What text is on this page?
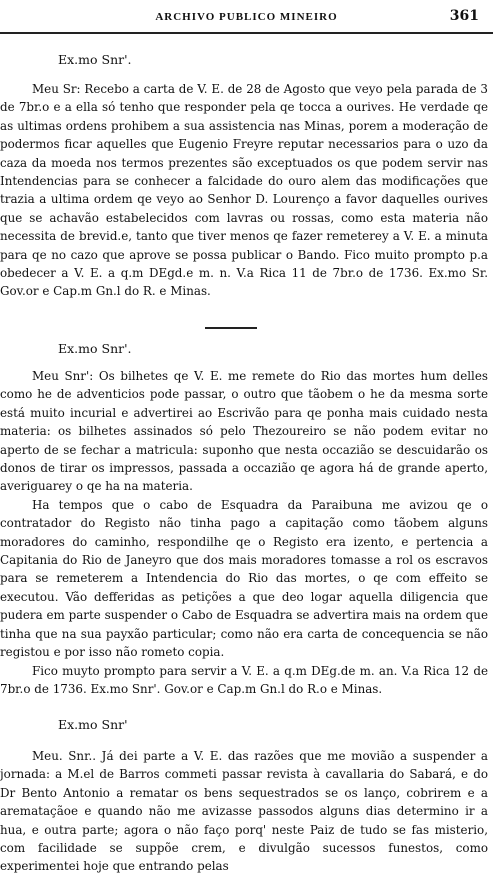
ARCHIVO PUBLICO MINEIRO	361
Ex.mo Snr'.

Meu Sr: Recebo a carta de V. E. de 28 de Agosto que veyo pela parada de 3 de 7br.o e a ella só tenho que responder pela qe tocca a ourives. He verdade qe as ultimas ordens prohibem a sua assistencia nas Minas, porem a moderação de podermos ficar aquelles que Eugenio Freyre reputar necessarios para o uzo da caza da moeda nos termos prezentes são exceptuados os que podem servir nas Intendencias para se conhecer a falcidade do ouro alem das modificações que trazia a ultima ordem qe veyo ao Senhor D. Lourenço a favor daquelles ourives que se achavão estabelecidos com lavras ou rossas, como esta materia não necessita de brevid.e, tanto que tiver menos qe fazer remeterey a V. E. a minuta para qe no cazo que aprove se possa publicar o Bando. Fico muito prompto p.a obedecer a V. E. a q.m DEgd.e m. n. V.a Rica 11 de 7br.o de 1736. Ex.mo Sr. Gov.or e Cap.m Gn.l do R. e Minas.

Ex.mo Snr'.

Meu Snr': Os bilhetes qe V. E. me remete do Rio das mortes hum delles como he de adventicios pode passar, o outro que tãobem o he da mesma sorte está muito incurial e advertirei ao Escrivão para qe ponha mais cuidado nesta materia: os bilhetes assinados só pelo Thezoureiro se não podem evitar no aperto de se fechar a matricula: suponho que nesta occazião se descuidarão os donos de tirar os impressos, passada a occazião qe agora há de grande aperto, averiguarey o qe ha na materia.

Ha tempos que o cabo de Esquadra da Paraibuna me avizou qe o contratador do Registo não tinha pago a capitação como tãobem alguns moradores do caminho, respondilhe qe o Registo era izento, e pertencia a Capitania do Rio de Janeyro que dos mais moradores tomasse a rol os escravos para se remeterem a Intendencia do Rio das mortes, o qe com effeito se executou. Vão defferidas as petições a que deo logar aquella diligencia que pudera em parte suspender o Cabo de Esquadra se advertira mais na ordem que tinha que na sua payxão particular; como não era carta de concequencia se não registou e por isso não rometo copia.

Fico muyto prompto para servir a V. E. a q.m DEg.de m. an. V.a Rica 12 de 7br.o de 1736. Ex.mo Snr'. Gov.or e Cap.m Gn.l do R.o e Minas.

Ex.mo Snr'

Meu. Snr.. Já dei parte a V. E. das razões que me movião a suspender a jornada: a M.el de Barros commeti passar revista à cavallaria do Sabará, e do Dr Bento Antonio a rematar os bens sequestrados se os lanço, cobrirem e a aremataçãoe e quando não me avizasse passodos alguns dias determino ir a hua, e outra parte; agora o não faço porq' neste Paiz de tudo se fas misterio, com facilidade se suppõe crem, e divulgão sucessos funestos, como experimentei hoje que entrando pelas
